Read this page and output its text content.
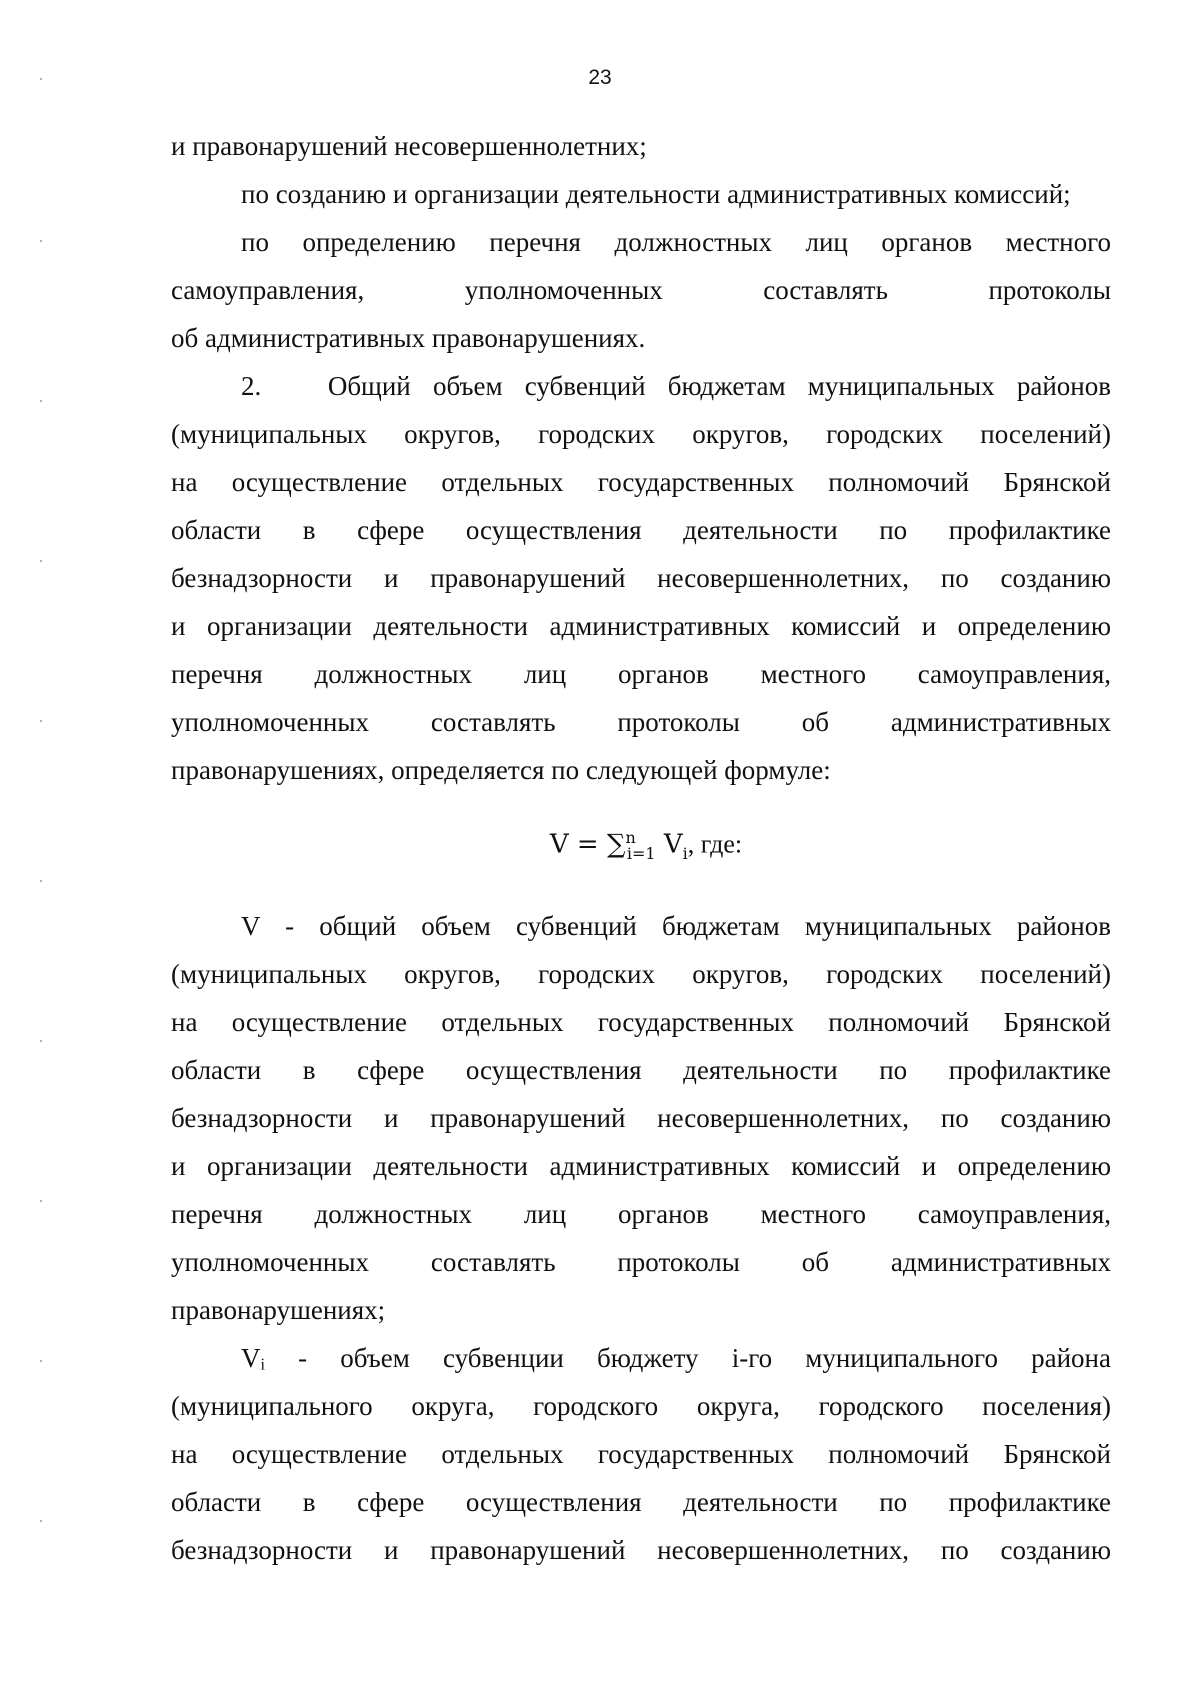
23
и правонарушений несовершеннолетних;
по созданию и организации деятельности административных комиссий;
по определению перечня должностных лиц органов местного
самоуправления, уполномоченных составлять протоколы
об административных правонарушениях.
2.   Общий объем субвенций бюджетам муниципальных районов
(муниципальных округов, городских округов, городских поселений)
на осуществление отдельных государственных полномочий Брянской
области в сфере осуществления деятельности по профилактике
безнадзорности и правонарушений несовершеннолетних, по созданию
и организации деятельности административных комиссий и определению
перечня должностных лиц органов местного самоуправления,
уполномоченных составлять протоколы об административных
правонарушениях, определяется по следующей формуле:
V = ∑$^n_{i=1}$ $V_i$, где:
V - общий объем субвенций бюджетам муниципальных районов
(муниципальных округов, городских округов, городских поселений)
на осуществление отдельных государственных полномочий Брянской
области в сфере осуществления деятельности по профилактике
безнадзорности и правонарушений несовершеннолетних, по созданию
и организации деятельности административных комиссий и определению
перечня должностных лиц органов местного самоуправления,
уполномоченных составлять протоколы об административных
правонарушениях;
Vᵢ - объем субвенции бюджету i-го муниципального района
(муниципального округа, городского округа, городского поселения)
на осуществление отдельных государственных полномочий Брянской
области в сфере осуществления деятельности по профилактике
безнадзорности и правонарушений несовершеннолетних, по созданию
